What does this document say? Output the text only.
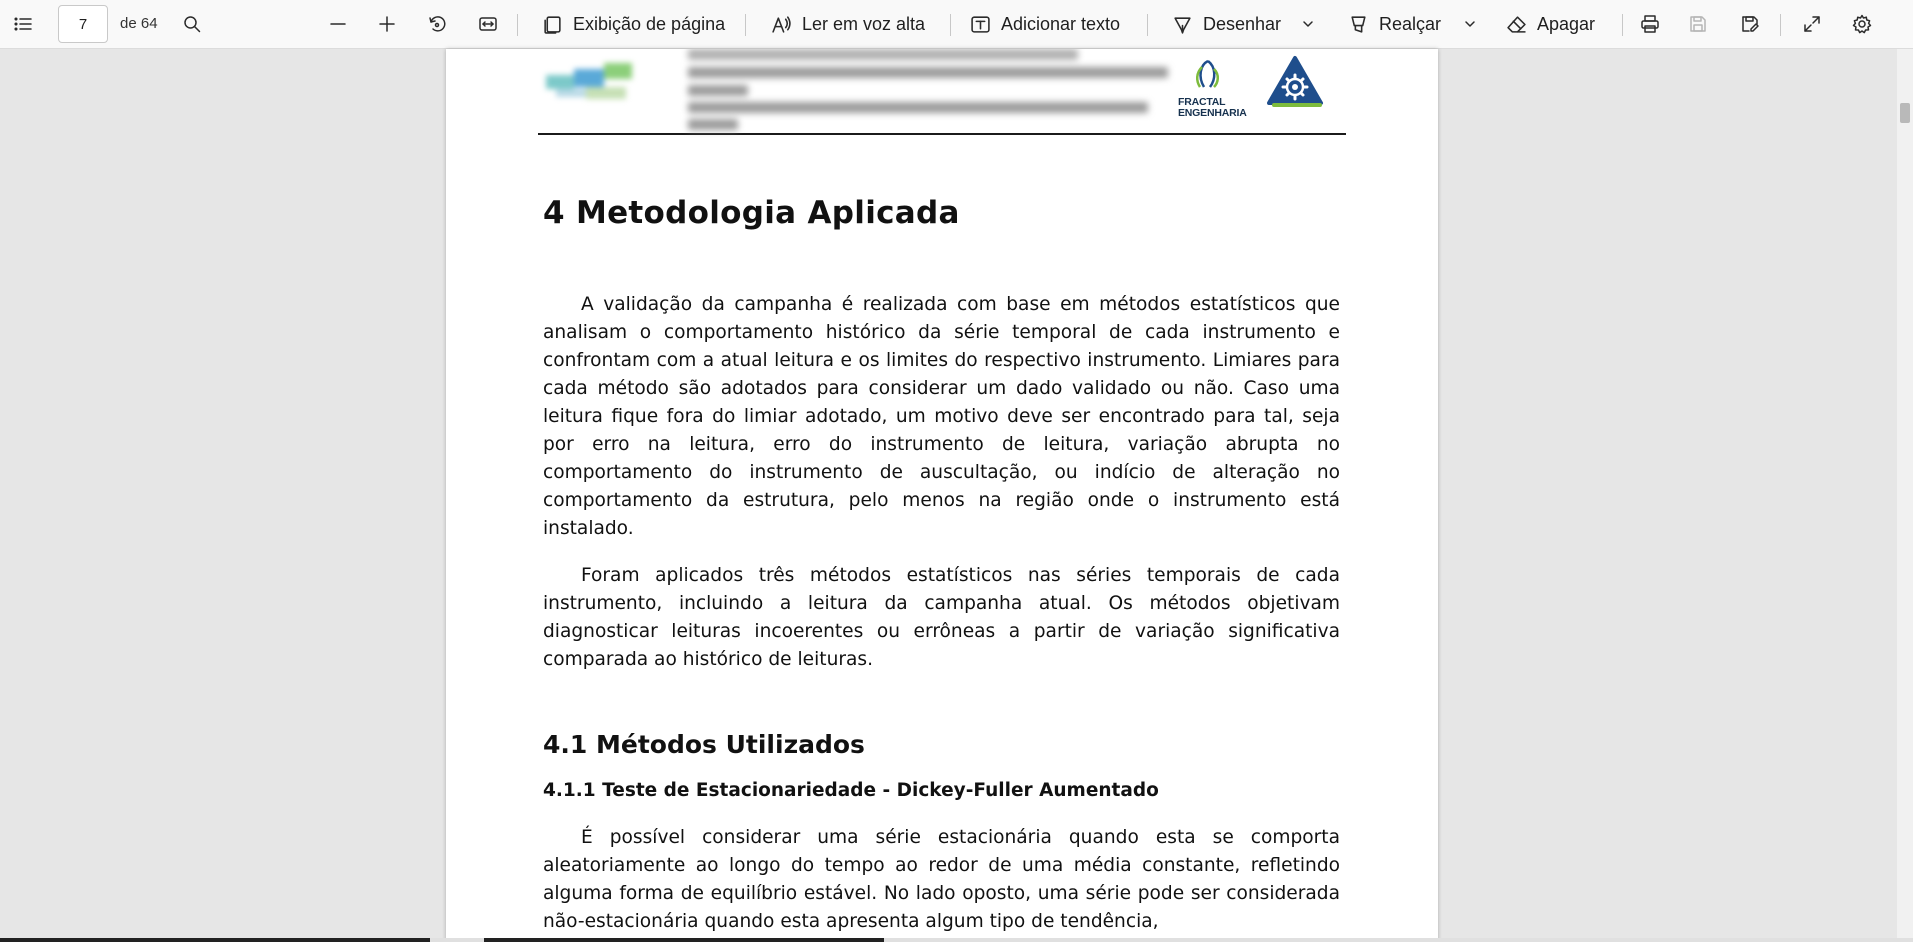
7
de 64	Exibição de página	Ler em voz alta	Adicionar texto	Desenhar	Realçar	Apagar
FRACTAL
ENGENHARIA
4 Metodologia Aplicada

A validação da campanha é realizada com base em métodos estatísticos que analisam o comportamento histórico da série temporal de cada instrumento e confrontam com a atual leitura e os limites do respectivo instrumento. Limiares para cada método são adotados para considerar um dado validado ou não. Caso uma leitura fique fora do limiar adotado, um motivo deve ser encontrado para tal, seja por erro na leitura, erro do instrumento de leitura, variação abrupta no comportamento do instrumento de auscultação, ou indício de alteração no comportamento da estrutura, pelo menos na região onde o instrumento está instalado.

Foram aplicados três métodos estatísticos nas séries temporais de cada instrumento, incluindo a leitura da campanha atual. Os métodos objetivam diagnosticar leituras incoerentes ou errôneas a partir de variação significativa comparada ao histórico de leituras.

4.1 Métodos Utilizados
4.1.1 Teste de Estacionariedade - Dickey-Fuller Aumentado

É possível considerar uma série estacionária quando esta se comporta aleatoriamente ao longo do tempo ao redor de uma média constante, refletindo alguma forma de equilíbrio estável. No lado oposto, uma série pode ser considerada não-estacionária quando esta apresenta algum tipo de tendência,
